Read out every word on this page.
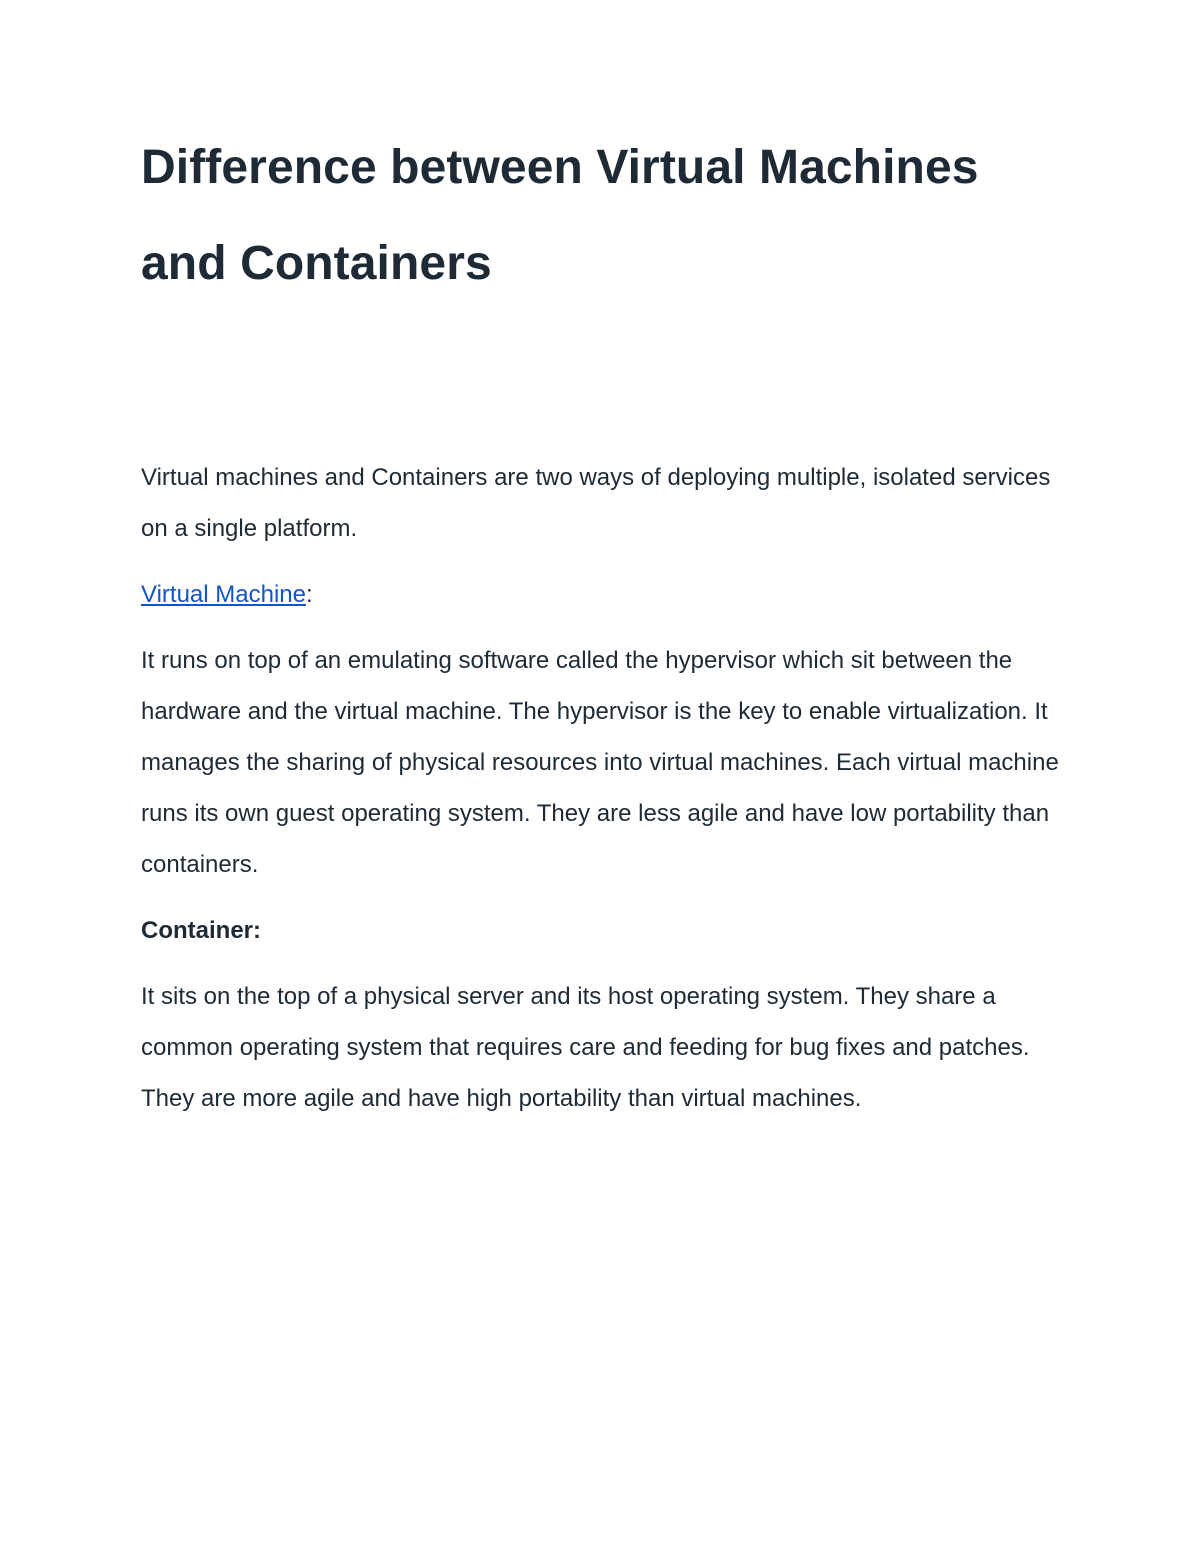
Difference between Virtual Machines and Containers

Virtual machines and Containers are two ways of deploying multiple, isolated services on a single platform.

Virtual Machine:

It runs on top of an emulating software called the hypervisor which sit between the hardware and the virtual machine. The hypervisor is the key to enable virtualization. It manages the sharing of physical resources into virtual machines. Each virtual machine runs its own guest operating system. They are less agile and have low portability than containers.

Container:

It sits on the top of a physical server and its host operating system. They share a common operating system that requires care and feeding for bug fixes and patches. They are more agile and have high portability than virtual machines.
